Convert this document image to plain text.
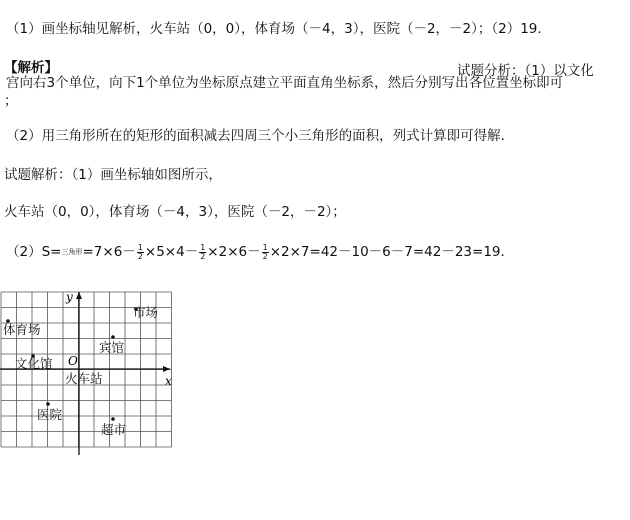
（1）画坐标轴见解析，火车站（0，0），体育场（－4，3），医院（－2，－2）；（2）19．
【解析】	试题分析：（1）以文化
宫向右3个单位，向下1个单位为坐标原点建立平面直角坐标系，然后分别写出各位置坐标即可
；
（2）用三角形所在的矩形的面积减去四周三个小三角形的面积，列式计算即可得解．
试题解析：（1）画坐标轴如图所示，
火车站（0，0），体育场（－4，3），医院（－2，－2）；
（2）S=三角形$=7\times 6- \frac{1}{2} \times 5\times 4- \frac{1}{2} \times 2\times 6- \frac{1}{2} \times 2\times 7=42-10-6-7=42-23=19$．
x
y
O
体育场
市场
宾馆
文化馆
火车站
医院
超市
